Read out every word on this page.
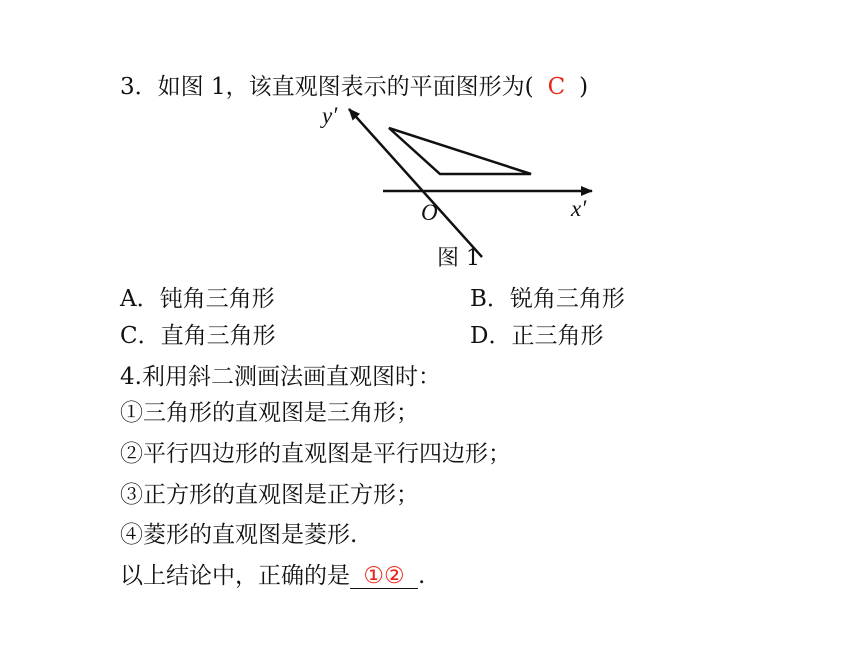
3．如图 1，该直观图表示的平面图形为( C )
y′
x′
O
图 1
A．钝角三角形	B．锐角三角形
C．直角三角形	D．正三角形
4.利用斜二测画法画直观图时：
①三角形的直观图是三角形；
②平行四边形的直观图是平行四边形；
③正方形的直观图是正方形；
④菱形的直观图是菱形.
以上结论中，正确的是 ①② .
